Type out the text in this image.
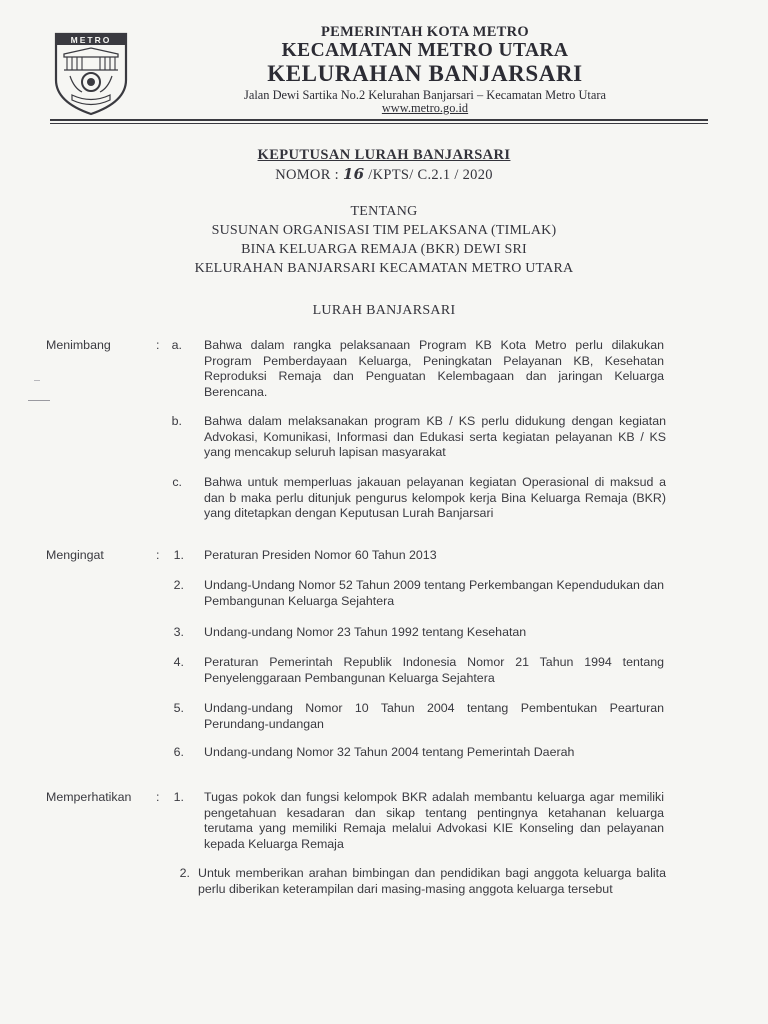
METRO	PEMERINTAH KOTA METRO
KECAMATAN METRO UTARA
KELURAHAN BANJARSARI
Jalan Dewi Sartika No.2 Kelurahan Banjarsari – Kecamatan Metro Utara
www.metro.go.id
KEPUTUSAN LURAH BANJARSARI
NOMOR : 16 /KPTS/ C.2.1 / 2020
TENTANG
SUSUNAN ORGANISASI TIM PELAKSANA (TIMLAK)
BINA KELUARGA REMAJA (BKR) DEWI SRI
KELURAHAN BANJARSARI KECAMATAN METRO UTARA
LURAH BANJARSARI
Menimbang	: a. Bahwa dalam rangka pelaksanaan Program KB Kota Metro perlu dilakukan Program Pemberdayaan Keluarga, Peningkatan Pelayanan KB, Kesehatan Reproduksi Remaja dan Penguatan Kelembagaan dan jaringan Keluarga Berencana.
b. Bahwa dalam melaksanakan program KB / KS perlu didukung dengan kegiatan Advokasi, Komunikasi, Informasi dan Edukasi serta kegiatan pelayanan KB / KS yang mencakup seluruh lapisan masyarakat
c. Bahwa untuk memperluas jakauan pelayanan kegiatan Operasional di maksud a dan b maka perlu ditunjuk pengurus kelompok kerja Bina Keluarga Remaja (BKR) yang ditetapkan dengan Keputusan Lurah Banjarsari
Mengingat	:	1. Peraturan Presiden Nomor 60 Tahun 2013
2. Undang-Undang Nomor 52 Tahun 2009 tentang Perkembangan Kependudukan dan Pembangunan Keluarga Sejahtera
3. Undang-undang Nomor 23 Tahun 1992 tentang Kesehatan
4. Peraturan Pemerintah Republik Indonesia Nomor 21 Tahun 1994 tentang Penyelenggaraan Pembangunan Keluarga Sejahtera
5. Undang-undang Nomor 10 Tahun 2004 tentang Pembentukan Pearturan Perundang-undangan
6. Undang-undang Nomor 32 Tahun 2004 tentang Pemerintah Daerah
Memperhatikan :	1. Tugas pokok dan fungsi kelompok BKR adalah membantu keluarga agar memiliki pengetahuan kesadaran dan sikap tentang pentingnya ketahanan keluarga terutama yang memiliki Remaja melalui Advokasi KIE Konseling dan pelayanan kepada Keluarga Remaja
2. Untuk memberikan arahan bimbingan dan pendidikan bagi anggota keluarga balita perlu diberikan keterampilan dari masing-masing anggota keluarga tersebut
